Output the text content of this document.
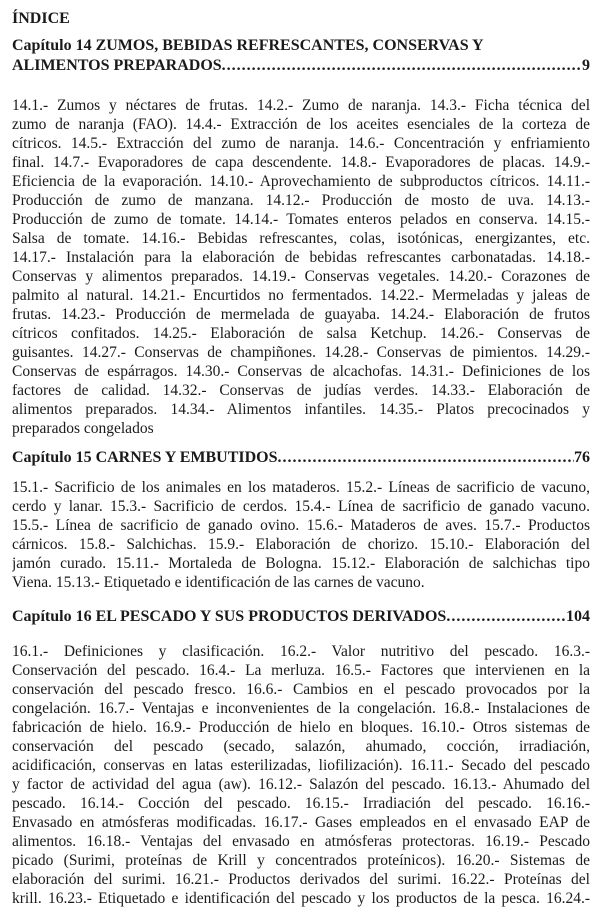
ÍNDICE
Capítulo 14 ZUMOS, BEBIDAS REFRESCANTES, CONSERVAS Y
ALIMENTOS PREPARADOS .....	9
14.1.- Zumos y néctares de frutas. 14.2.- Zumo de naranja. 14.3.- Ficha técnica del
zumo de naranja (FAO). 14.4.- Extracción de los aceites esenciales de la corteza de
cítricos. 14.5.- Extracción del zumo de naranja. 14.6.- Concentración y enfriamiento
final. 14.7.- Evaporadores de capa descendente. 14.8.- Evaporadores de placas. 14.9.-
Eficiencia de la evaporación. 14.10.- Aprovechamiento de subproductos cítricos. 14.11.-
Producción de zumo de manzana. 14.12.- Producción de mosto de uva. 14.13.-
Producción de zumo de tomate. 14.14.- Tomates enteros pelados en conserva. 14.15.-
Salsa de tomate. 14.16.- Bebidas refrescantes, colas, isotónicas, energizantes, etc.
14.17.- Instalación para la elaboración de bebidas refrescantes carbonatadas. 14.18.-
Conservas y alimentos preparados. 14.19.- Conservas vegetales. 14.20.- Corazones de
palmito al natural. 14.21.- Encurtidos no fermentados. 14.22.- Mermeladas y jaleas de
frutas. 14.23.- Producción de mermelada de guayaba. 14.24.- Elaboración de frutos
cítricos confitados. 14.25.- Elaboración de salsa Ketchup. 14.26.- Conservas de
guisantes. 14.27.- Conservas de champiñones. 14.28.- Conservas de pimientos. 14.29.-
Conservas de espárragos. 14.30.- Conservas de alcachofas. 14.31.- Definiciones de los
factores de calidad. 14.32.- Conservas de judías verdes. 14.33.- Elaboración de
alimentos preparados. 14.34.- Alimentos infantiles. 14.35.- Platos precocinados y
preparados congelados
Capítulo 15 CARNES Y EMBUTIDOS .....	76
15.1.- Sacrificio de los animales en los mataderos. 15.2.- Líneas de sacrificio de vacuno,
cerdo y lanar. 15.3.- Sacrificio de cerdos. 15.4.- Línea de sacrificio de ganado vacuno.
15.5.- Línea de sacrificio de ganado ovino. 15.6.- Mataderos de aves. 15.7.- Productos
cárnicos. 15.8.- Salchichas. 15.9.- Elaboración de chorizo. 15.10.- Elaboración del
jamón curado. 15.11.- Mortaleda de Bologna. 15.12.- Elaboración de salchichas tipo
Viena. 15.13.- Etiquetado e identificación de las carnes de vacuno.
Capítulo 16 EL PESCADO Y SUS PRODUCTOS DERIVADOS .....	104
16.1.- Definiciones y clasificación. 16.2.- Valor nutritivo del pescado. 16.3.-
Conservación del pescado. 16.4.- La merluza. 16.5.- Factores que intervienen en la
conservación del pescado fresco. 16.6.- Cambios en el pescado provocados por la
congelación. 16.7.- Ventajas e inconvenientes de la congelación. 16.8.- Instalaciones de
fabricación de hielo. 16.9.- Producción de hielo en bloques. 16.10.- Otros sistemas de
conservación del pescado (secado, salazón, ahumado, cocción, irradiación,
acidificación, conservas en latas esterilizadas, liofilización). 16.11.- Secado del pescado
y factor de actividad del agua (aw). 16.12.- Salazón del pescado. 16.13.- Ahumado del
pescado. 16.14.- Cocción del pescado. 16.15.- Irradiación del pescado. 16.16.-
Envasado en atmósferas modificadas. 16.17.- Gases empleados en el envasado EAP de
alimentos. 16.18.- Ventajas del envasado en atmósferas protectoras. 16.19.- Pescado
picado (Surimi, proteínas de Krill y concentrados proteínicos). 16.20.- Sistemas de
elaboración del surimi. 16.21.- Productos derivados del surimi. 16.22.- Proteínas del
krill. 16.23.- Etiquetado e identificación del pescado y los productos de la pesca. 16.24.-
